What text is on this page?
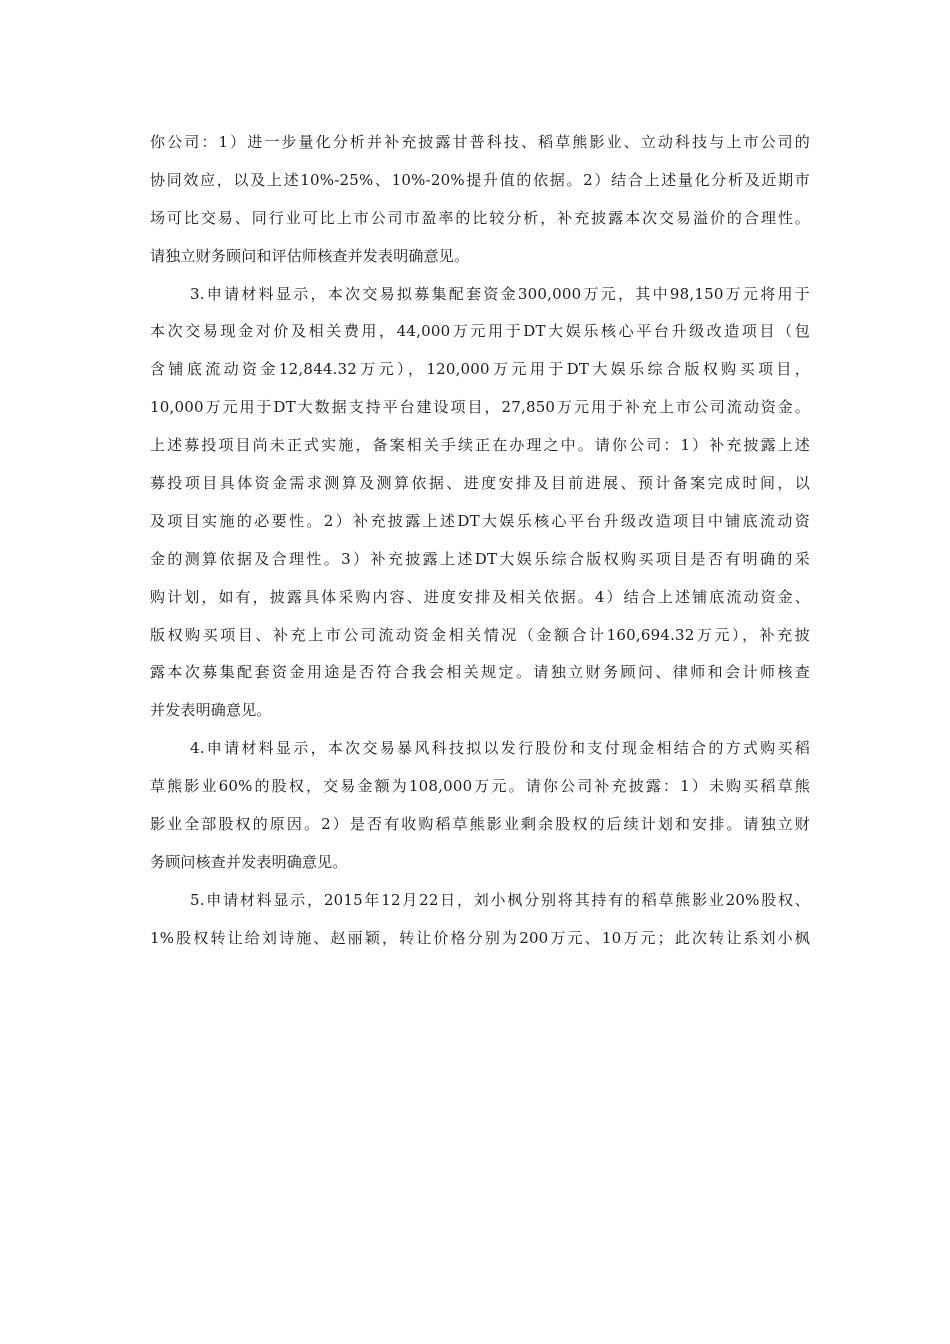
你公司：1）进一步量化分析并补充披露甘普科技、稻草熊影业、立动科技与上市公司的
协同效应，以及上述10%-25%、10%-20%提升值的依据。2）结合上述量化分析及近期市
场可比交易、同行业可比上市公司市盈率的比较分析，补充披露本次交易溢价的合理性。
请独立财务顾问和评估师核查并发表明确意见。
3.申请材料显示，本次交易拟募集配套资金300,000万元，其中98,150万元将用于
本次交易现金对价及相关费用，44,000万元用于DT大娱乐核心平台升级改造项目（包
含铺底流动资金12,844.32万元），120,000万元用于DT大娱乐综合版权购买项目，
10,000万元用于DT大数据支持平台建设项目，27,850万元用于补充上市公司流动资金。
上述募投项目尚未正式实施，备案相关手续正在办理之中。请你公司：1）补充披露上述
募投项目具体资金需求测算及测算依据、进度安排及目前进展、预计备案完成时间，以
及项目实施的必要性。2）补充披露上述DT大娱乐核心平台升级改造项目中铺底流动资
金的测算依据及合理性。3）补充披露上述DT大娱乐综合版权购买项目是否有明确的采
购计划，如有，披露具体采购内容、进度安排及相关依据。4）结合上述铺底流动资金、
版权购买项目、补充上市公司流动资金相关情况（金额合计160,694.32万元），补充披
露本次募集配套资金用途是否符合我会相关规定。请独立财务顾问、律师和会计师核查
并发表明确意见。
4.申请材料显示，本次交易暴风科技拟以发行股份和支付现金相结合的方式购买稻
草熊影业60%的股权，交易金额为108,000万元。请你公司补充披露：1）未购买稻草熊
影业全部股权的原因。2）是否有收购稻草熊影业剩余股权的后续计划和安排。请独立财
务顾问核查并发表明确意见。
5.申请材料显示，2015年12月22日，刘小枫分别将其持有的稻草熊影业20%股权、
1%股权转让给刘诗施、赵丽颖，转让价格分别为200万元、10万元；此次转让系刘小枫
